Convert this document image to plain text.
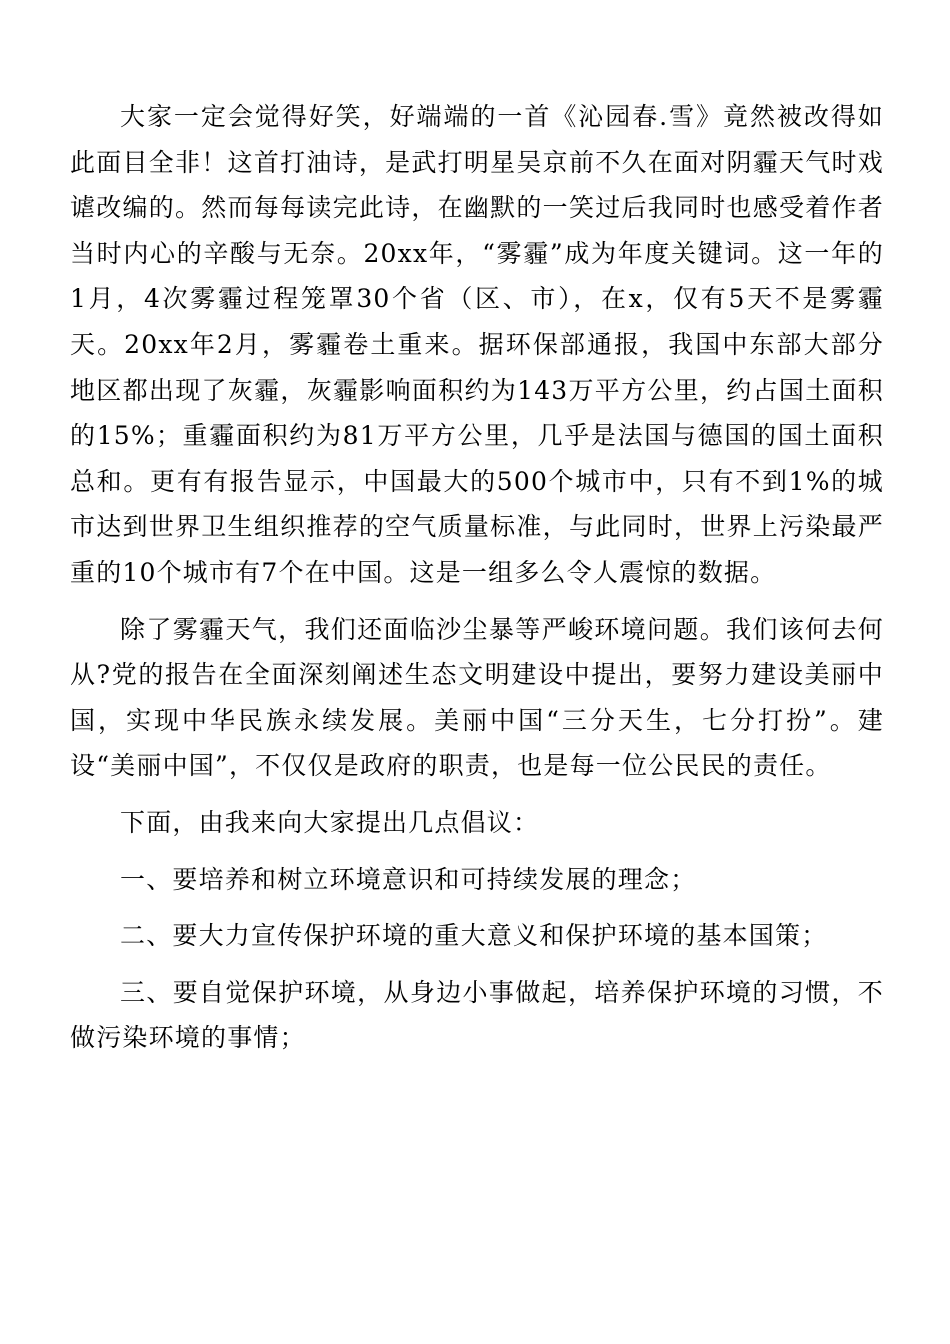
大家一定会觉得好笑，好端端的一首《沁园春.雪》竟然被改得如此面目全非！这首打油诗，是武打明星吴京前不久在面对阴霾天气时戏谑改编的。然而每每读完此诗，在幽默的一笑过后我同时也感受着作者当时内心的辛酸与无奈。20xx年，“雾霾”成为年度关键词。这一年的1月，4次雾霾过程笼罩30个省（区、市），在x，仅有5天不是雾霾天。20xx年2月，雾霾卷土重来。据环保部通报，我国中东部大部分地区都出现了灰霾，灰霾影响面积约为143万平方公里，约占国土面积的15%；重霾面积约为81万平方公里，几乎是法国与德国的国土面积总和。更有有报告显示，中国最大的500个城市中，只有不到1%的城市达到世界卫生组织推荐的空气质量标准，与此同时，世界上污染最严重的10个城市有7个在中国。这是一组多么令人震惊的数据。

除了雾霾天气，我们还面临沙尘暴等严峻环境问题。我们该何去何从?党的报告在全面深刻阐述生态文明建设中提出，要努力建设美丽中国，实现中华民族永续发展。美丽中国“三分天生，七分打扮”。建设“美丽中国”，不仅仅是政府的职责，也是每一位公民民的责任。

下面，由我来向大家提出几点倡议：

一、要培养和树立环境意识和可持续发展的理念；

二、要大力宣传保护环境的重大意义和保护环境的基本国策；

三、要自觉保护环境，从身边小事做起，培养保护环境的习惯，不做污染环境的事情；
